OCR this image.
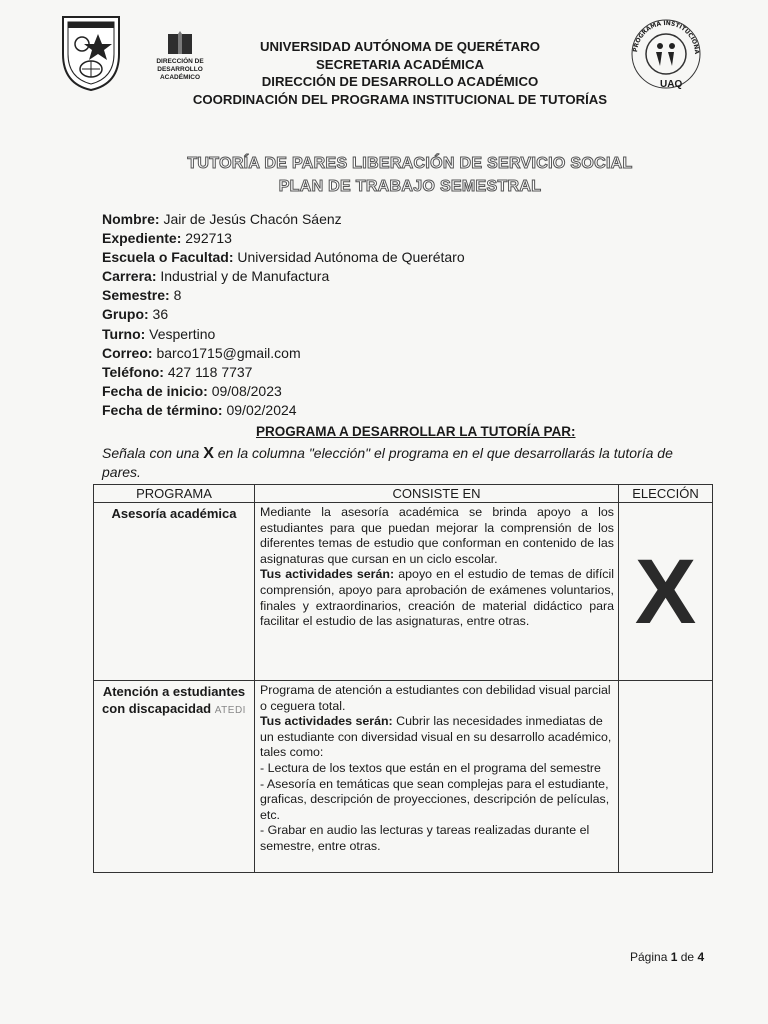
DIRECCIÓN DE DESARROLLO ACADÉMICO
UNIVERSIDAD AUTÓNOMA DE QUERÉTARO
SECRETARIA ACADÉMICA
DIRECCIÓN DE DESARROLLO ACADÉMICO
COORDINACIÓN DEL PROGRAMA INSTITUCIONAL DE TUTORÍAS
PROGRAMA INSTITUCIONA
UAQ
TUTORÍA DE PARES LIBERACIÓN DE SERVICIO SOCIAL
PLAN DE TRABAJO SEMESTRAL
Nombre: Jair de Jesús Chacón Sáenz
Expediente: 292713
Escuela o Facultad: Universidad Autónoma de Querétaro
Carrera: Industrial y de Manufactura
Semestre: 8
Grupo: 36
Turno: Vespertino
Correo: barco1715@gmail.com
Teléfono: 427 118 7737
Fecha de inicio: 09/08/2023
Fecha de término: 09/02/2024
PROGRAMA A DESARROLLAR LA TUTORÍA PAR:
Señala con una X en la columna "elección" el programa en el que desarrollarás la tutoría de pares.
PROGRAMA	CONSISTE EN	ELECCIÓN
Asesoría académica	Mediante la asesoría académica se brinda apoyo a los estudiantes para que puedan mejorar la comprensión de los diferentes temas de estudio que conforman en contenido de las asignaturas que cursan en un ciclo escolar.
Tus actividades serán: apoyo en el estudio de temas de difícil comprensión, apoyo para aprobación de exámenes voluntarios, finales y extraordinarios, creación de material didáctico para facilitar el estudio de las asignaturas, entre otras.	X
Atención a estudiantes con discapacidad ATEDI	Programa de atención a estudiantes con debilidad visual parcial o ceguera total.
Tus actividades serán: Cubrir las necesidades inmediatas de un estudiante con diversidad visual en su desarrollo académico, tales como:
- Lectura de los textos que están en el programa del semestre
- Asesoría en temáticas que sean complejas para el estudiante, graficas, descripción de proyecciones, descripción de películas, etc.
- Grabar en audio las lecturas y tareas realizadas durante el semestre, entre otras.	
Página 1 de 4
